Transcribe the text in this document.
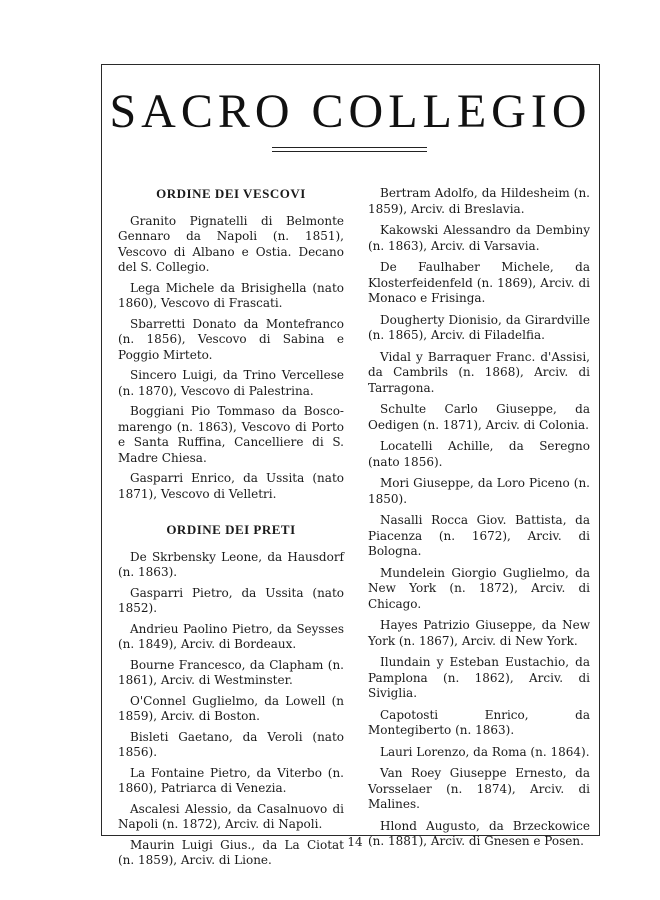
SACRO COLLEGIO
ORDINE DEI VESCOVI

Granito Pignatelli di Belmonte Gennaro da Napoli (n. 1851), Vescovo di Albano e Ostia. Decano del S. Collegio.

Lega Michele da Brisighella (nato 1860), Vescovo di Frascati.

Sbarretti Donato da Montefranco (n. 1856), Vescovo di Sabina e Poggio Mirteto.

Sincero Luigi, da Trino Vercellese (n. 1870), Vescovo di Palestrina.

Boggiani Pio Tommaso da Bosco-marengo (n. 1863), Vescovo di Porto e Santa Ruffina, Cancelliere di S. Madre Chiesa.

Gasparri Enrico, da Ussita (nato 1871), Vescovo di Velletri.

ORDINE DEI PRETI

De Skrbensky Leone, da Hausdorf (n. 1863).

Gasparri Pietro, da Ussita (nato 1852).

Andrieu Paolino Pietro, da Seysses (n. 1849), Arciv. di Bordeaux.

Bourne Francesco, da Clapham (n. 1861), Arciv. di Westminster.

O'Connel Guglielmo, da Lowell (n 1859), Arciv. di Boston.

Bisleti Gaetano, da Veroli (nato 1856).

La Fontaine Pietro, da Viterbo (n. 1860), Patriarca di Venezia.

Ascalesi Alessio, da Casalnuovo di Napoli (n. 1872), Arciv. di Napoli.

Maurin Luigi Gius., da La Ciotat (n. 1859), Arciv. di Lione.

Bertram Adolfo, da Hildesheim (n. 1859), Arciv. di Breslavia.

Kakowski Alessandro da Dembiny (n. 1863), Arciv. di Varsavia.

De Faulhaber Michele, da Klosterfeidenfeld (n. 1869), Arciv. di Monaco e Frisinga.

Dougherty Dionisio, da Girardville (n. 1865), Arciv. di Filadelfia.

Vidal y Barraquer Franc. d'Assisi, da Cambrils (n. 1868), Arciv. di Tarragona.

Schulte Carlo Giuseppe, da Oedigen (n. 1871), Arciv. di Colonia.

Locatelli Achille, da Seregno (nato 1856).

Mori Giuseppe, da Loro Piceno (n. 1850).

Nasalli Rocca Giov. Battista, da Piacenza (n. 1672), Arciv. di Bologna.

Mundelein Giorgio Guglielmo, da New York (n. 1872), Arciv. di Chicago.

Hayes Patrizio Giuseppe, da New York (n. 1867), Arciv. di New York.

Ilundain y Esteban Eustachio, da Pamplona (n. 1862), Arciv. di Siviglia.

Capotosti Enrico, da Montegiberto (n. 1863).

Lauri Lorenzo, da Roma (n. 1864).

Van Roey Giuseppe Ernesto, da Vorsselaer (n. 1874), Arciv. di Malines.

Hlond Augusto, da Brzeckowice (n. 1881), Arciv. di Gnesen e Posen.

14
